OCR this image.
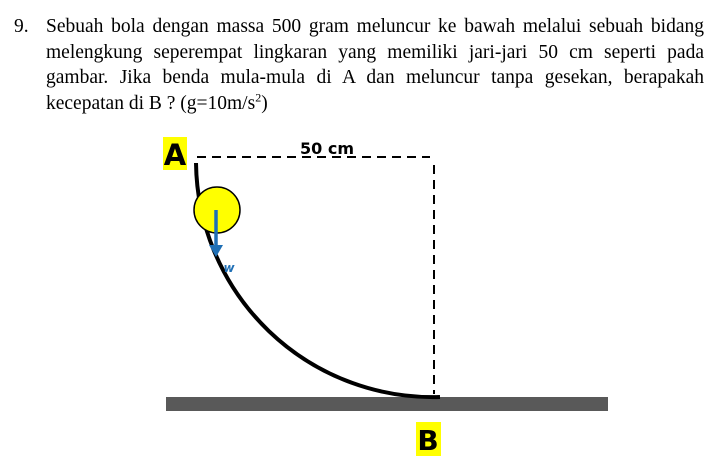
9. Sebuah bola dengan massa 500 gram meluncur ke bawah melalui sebuah bidang melengkung seperempat lingkaran yang memiliki jari-jari 50 cm seperti pada gambar. Jika benda mula-mula di A dan meluncur tanpa gesekan, berapakah kecepatan di B ? $(g=10m/s^2)$
A	50 cm
w
B
